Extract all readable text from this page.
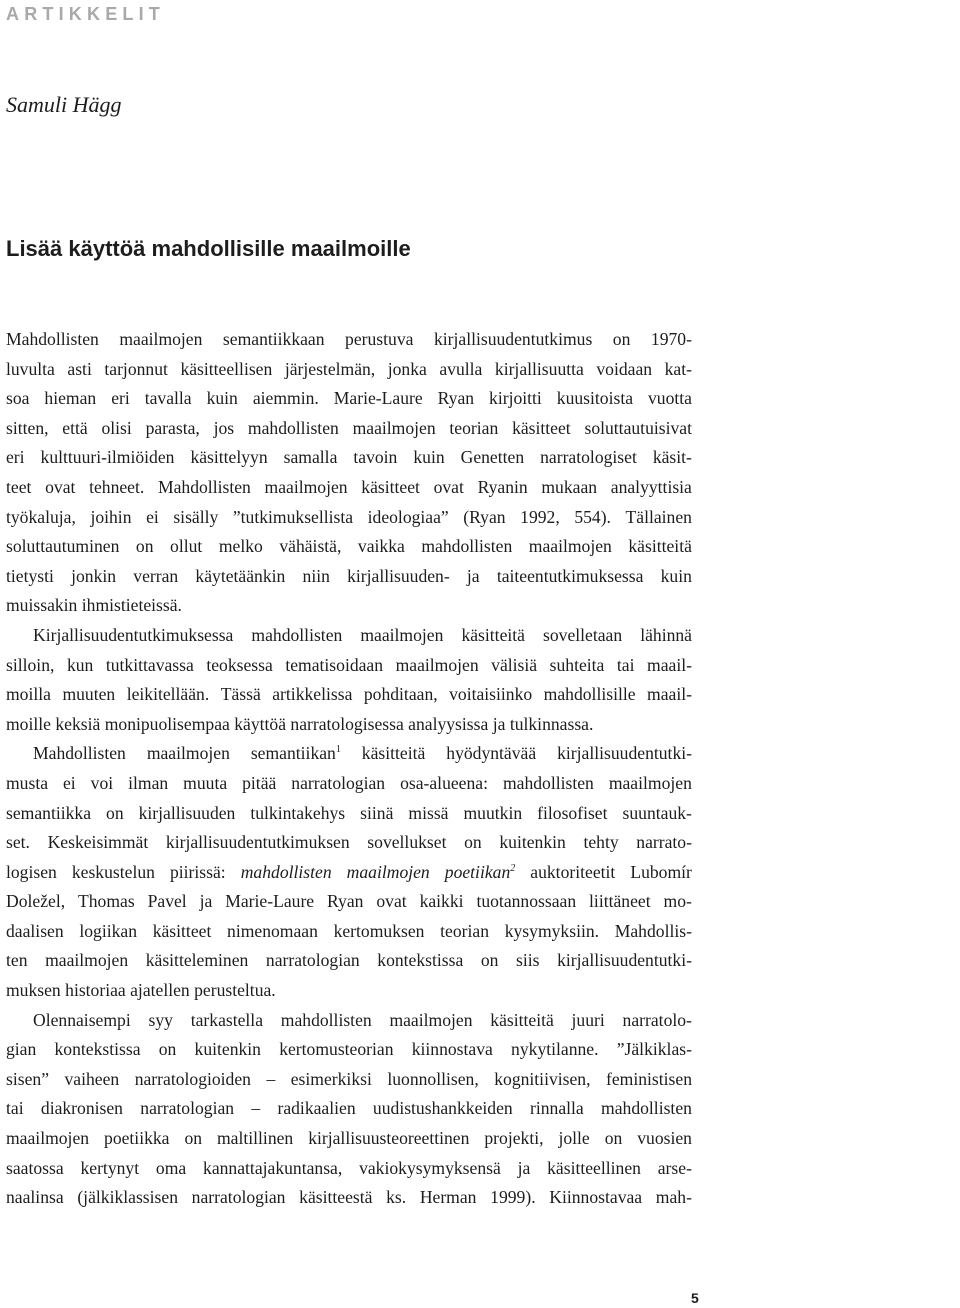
ARTIKKELIT
Samuli Hägg
Lisää käyttöä mahdollisille maailmoille
Mahdollisten maailmojen semantiikkaan perustuva kirjallisuudentutkimus on 1970-
luvulta asti tarjonnut käsitteellisen järjestelmän, jonka avulla kirjallisuutta voidaan kat-
soa hieman eri tavalla kuin aiemmin. Marie-Laure Ryan kirjoitti kuusitoista vuotta
sitten, että olisi parasta, jos mahdollisten maailmojen teorian käsitteet soluttautuisivat
eri kulttuuri-ilmiöiden käsittelyyn samalla tavoin kuin Genetten narratologiset käsit-
teet ovat tehneet. Mahdollisten maailmojen käsitteet ovat Ryanin mukaan analyyttisia
työkaluja, joihin ei sisälly ”tutkimuksellista ideologiaa” (Ryan 1992, 554). Tällainen
soluttautuminen on ollut melko vähäistä, vaikka mahdollisten maailmojen käsitteitä
tietysti jonkin verran käytetäänkin niin kirjallisuuden- ja taiteentutkimuksessa kuin
muissakin ihmistieteissä.
Kirjallisuudentutkimuksessa mahdollisten maailmojen käsitteitä sovelletaan lähinnä
silloin, kun tutkittavassa teoksessa tematisoidaan maailmojen välisiä suhteita tai maail-
moilla muuten leikitellään. Tässä artikkelissa pohditaan, voitaisiinko mahdollisille maail-
moille keksiä monipuolisempaa käyttöä narratologisessa analyysissa ja tulkinnassa.
Mahdollisten maailmojen semantiikan$^1$ käsitteitä hyödyntävää kirjallisuudentutki-
musta ei voi ilman muuta pitää narratologian osa-alueena: mahdollisten maailmojen
semantiikka on kirjallisuuden tulkintakehys siinä missä muutkin filosofiset suuntauk-
set. Keskeisimmät kirjallisuudentutkimuksen sovellukset on kuitenkin tehty narrato-
logisen keskustelun piirissä: mahdollisten maailmojen poetiikan$^2$ auktoriteetit Lubomír
Doležel, Thomas Pavel ja Marie-Laure Ryan ovat kaikki tuotannossaan liittäneet mo-
daalisen logiikan käsitteet nimenomaan kertomuksen teorian kysymyksiin. Mahdollis-
ten maailmojen käsitteleminen narratologian kontekstissa on siis kirjallisuudentutki-
muksen historiaa ajatellen perusteltua.
Olennaisempi syy tarkastella mahdollisten maailmojen käsitteitä juuri narratolo-
gian kontekstissa on kuitenkin kertomusteorian kiinnostava nykytilanne. ”Jälkiklas-
sisen” vaiheen narratologioiden – esimerkiksi luonnollisen, kognitiivisen, feministisen
tai diakronisen narratologian – radikaalien uudistushankkeiden rinnalla mahdollisten
maailmojen poetiikka on maltillinen kirjallisuusteoreettinen projekti, jolle on vuosien
saatossa kertynyt oma kannattajakuntansa, vakiokysymyksensä ja käsitteellinen arse-
naalinsa (jälkiklassisen narratologian käsitteestä ks. Herman 1999). Kiinnostavaa mah-
5
